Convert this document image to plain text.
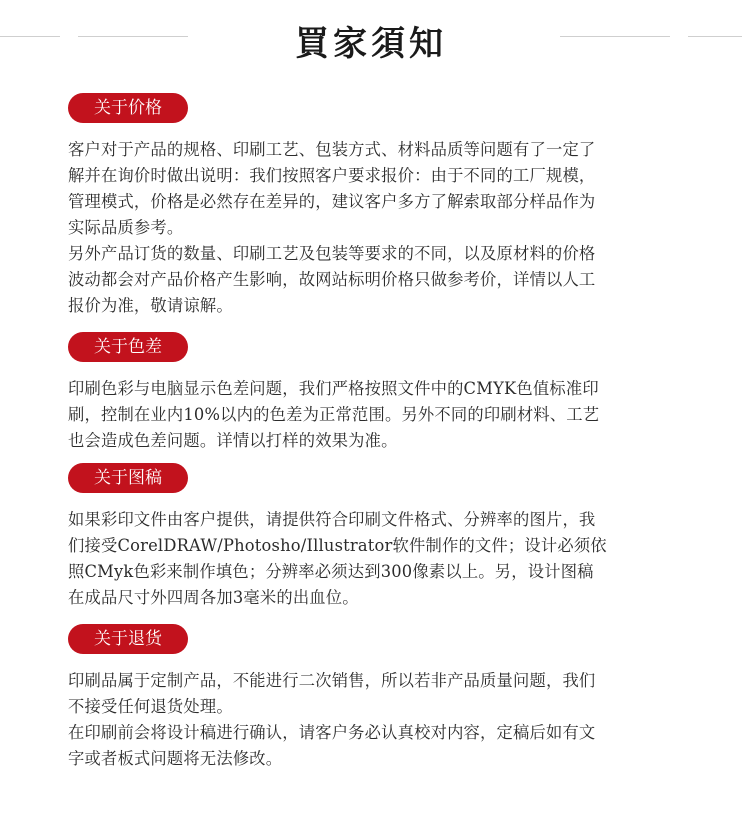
買家須知
关于价格

客户对于产品的规格、印刷工艺、包装方式、材料品质等问题有了一定了

解并在询价时做出说明：我们按照客户要求报价：由于不同的工厂规模，

管理模式，价格是必然存在差异的，建议客户多方了解索取部分样品作为

实际品质参考。

另外产品订货的数量、印刷工艺及包装等要求的不同，以及原材料的价格

波动都会对产品价格产生影响，故网站标明价格只做参考价，详情以人工

报价为准，敬请谅解。

关于色差

印刷色彩与电脑显示色差问题，我们严格按照文件中的CMYK色值标准印

刷，控制在业内10%以内的色差为正常范围。另外不同的印刷材料、工艺

也会造成色差问题。详情以打样的效果为准。

关于图稿

如果彩印文件由客户提供，请提供符合印刷文件格式、分辨率的图片，我

们接受CorelDRAW/Photosho/Illustrator软件制作的文件；设计必须依

照CMyk色彩来制作填色；分辨率必须达到300像素以上。另，设计图稿

在成品尺寸外四周各加3毫米的出血位。

关于退货

印刷品属于定制产品，不能进行二次销售，所以若非产品质量问题，我们

不接受任何退货处理。

在印刷前会将设计稿进行确认，请客户务必认真校对内容，定稿后如有文

字或者板式问题将无法修改。
